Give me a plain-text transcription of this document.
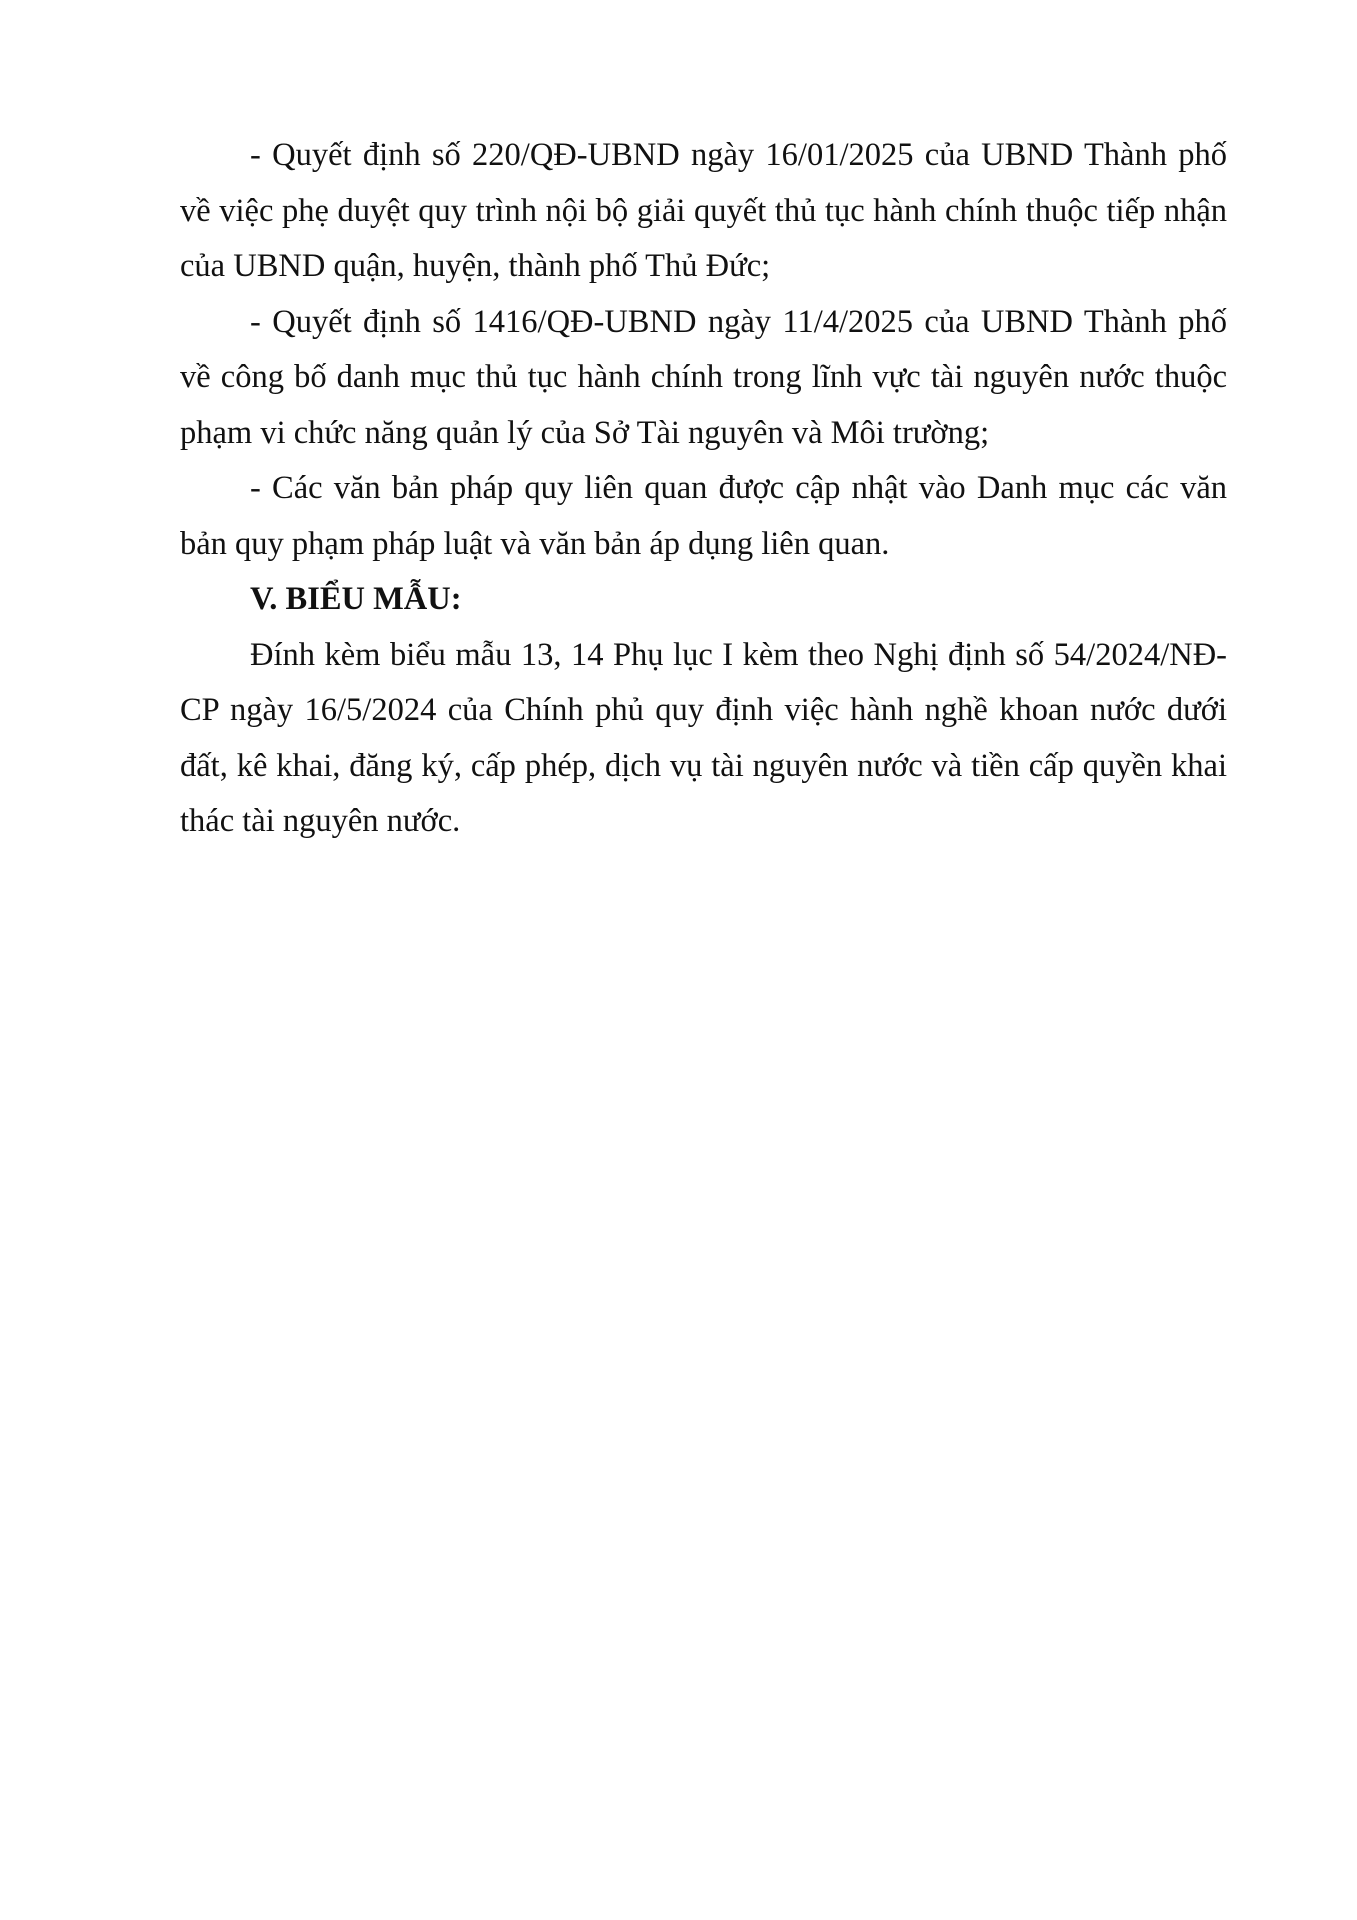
- Quyết định số 220/QĐ-UBND ngày 16/01/2025 của UBND Thành phố về việc phẹ duyệt quy trình nội bộ giải quyết thủ tục hành chính thuộc tiếp nhận của UBND quận, huyện, thành phố Thủ Đức;

- Quyết định số 1416/QĐ-UBND ngày 11/4/2025 của UBND Thành phố về công bố danh mục thủ tục hành chính trong lĩnh vực tài nguyên nước thuộc phạm vi chức năng quản lý của Sở Tài nguyên và Môi trường;

- Các văn bản pháp quy liên quan được cập nhật vào Danh mục các văn bản quy phạm pháp luật và văn bản áp dụng liên quan.

V. BIỂU MẪU:

Đính kèm biểu mẫu 13, 14 Phụ lục I kèm theo Nghị định số 54/2024/NĐ-CP ngày 16/5/2024 của Chính phủ quy định việc hành nghề khoan nước dưới đất, kê khai, đăng ký, cấp phép, dịch vụ tài nguyên nước và tiền cấp quyền khai thác tài nguyên nước.
